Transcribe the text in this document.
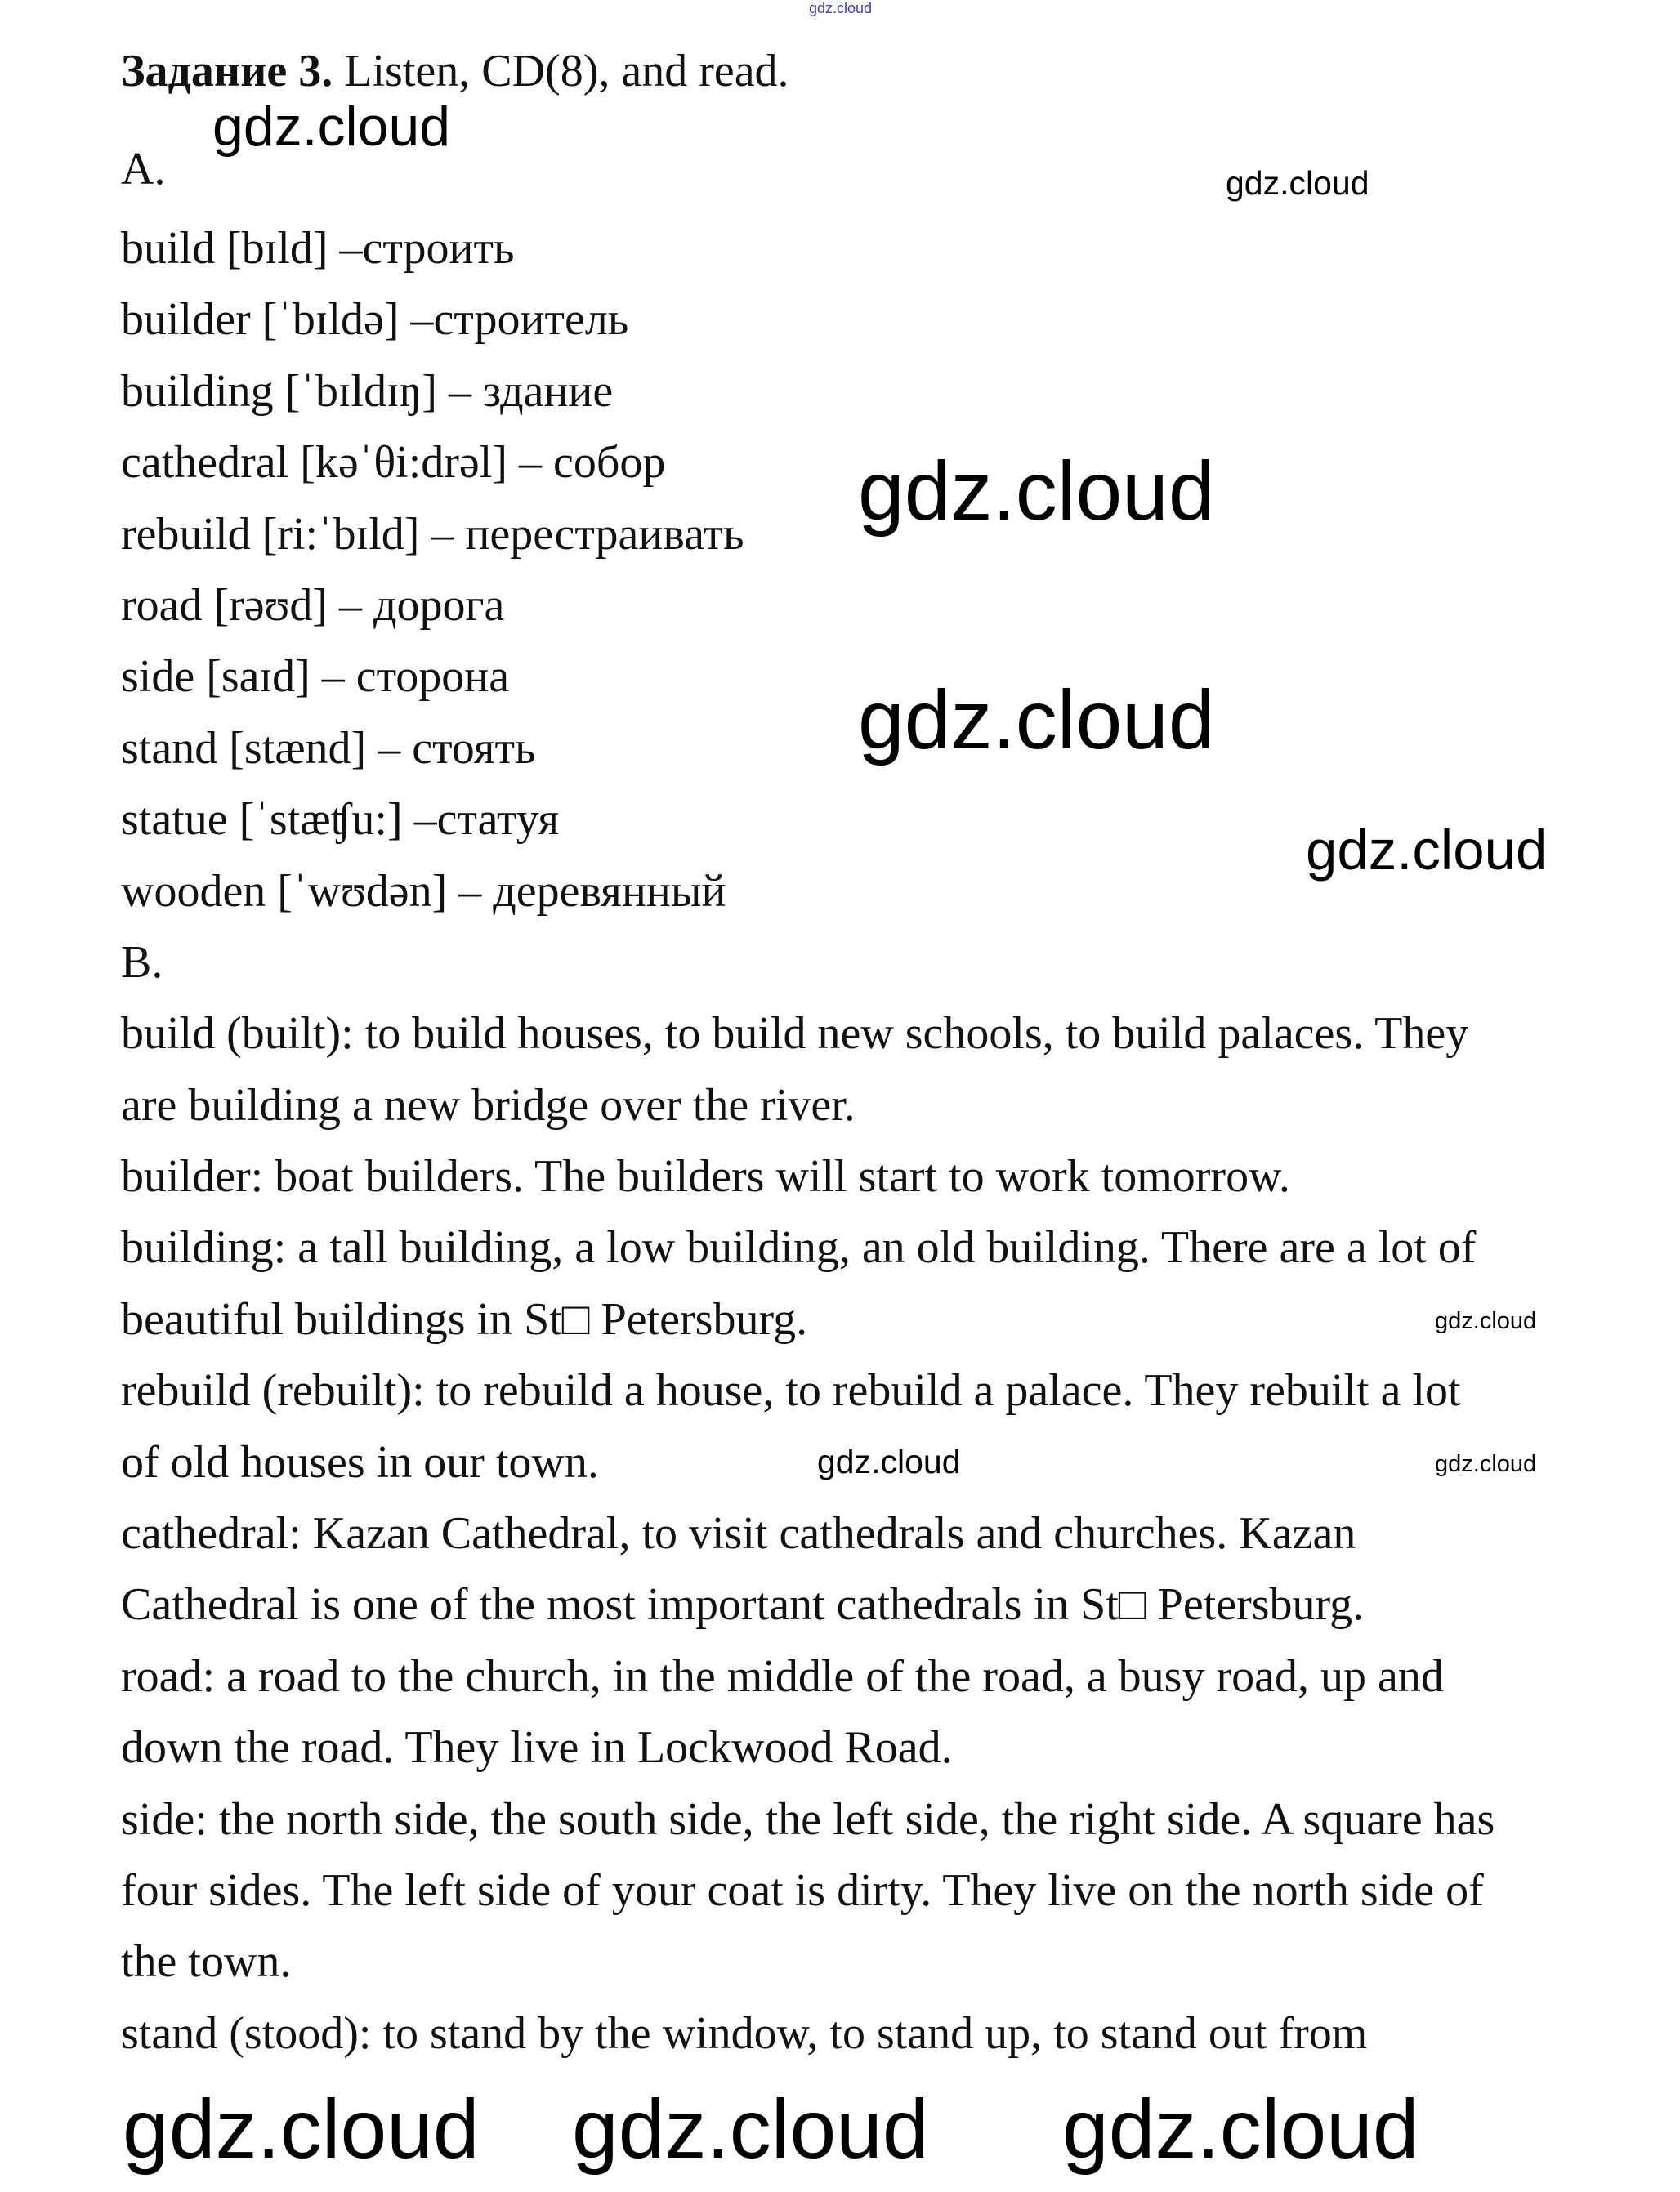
Задание 3. Listen, CD(8), and read.
A.
build [bɪld] –строить
builder [ˈbɪldə] –строитель
building [ˈbɪldɪŋ] – здание
cathedral [kəˈθi:drəl] – собор
rebuild [ri:ˈbɪld] – перестраивать
road [rəʊd] – дорога
side [saɪd] – сторона
stand [stænd] – стоять
statue [ˈstæʧu:] –статуя
wooden [ˈwʊdən] – деревянный
B.
build (built): to build houses, to build new schools, to build palaces. They
are building a new bridge over the river.
builder: boat builders. The builders will start to work tomorrow.
building: a tall building, a low building, an old building. There are a lot of
beautiful buildings in St□ Petersburg.
rebuild (rebuilt): to rebuild a house, to rebuild a palace. They rebuilt a lot
of old houses in our town.
cathedral: Kazan Cathedral, to visit cathedrals and churches. Kazan
Cathedral is one of the most important cathedrals in St□ Petersburg.
road: a road to the church, in the middle of the road, a busy road, up and
down the road. They live in Lockwood Road.
side: the north side, the south side, the left side, the right side. A square has
four sides. The left side of your coat is dirty. They live on the north side of
the town.
stand (stood): to stand by the window, to stand up, to stand out from
gdz.cloud
gdz.cloud
gdz.cloud
gdz.cloud
gdz.cloud
gdz.cloud
gdz.cloud
gdz.cloud
gdz.cloud
gdz.cloud gdz.cloud gdz.cloud
